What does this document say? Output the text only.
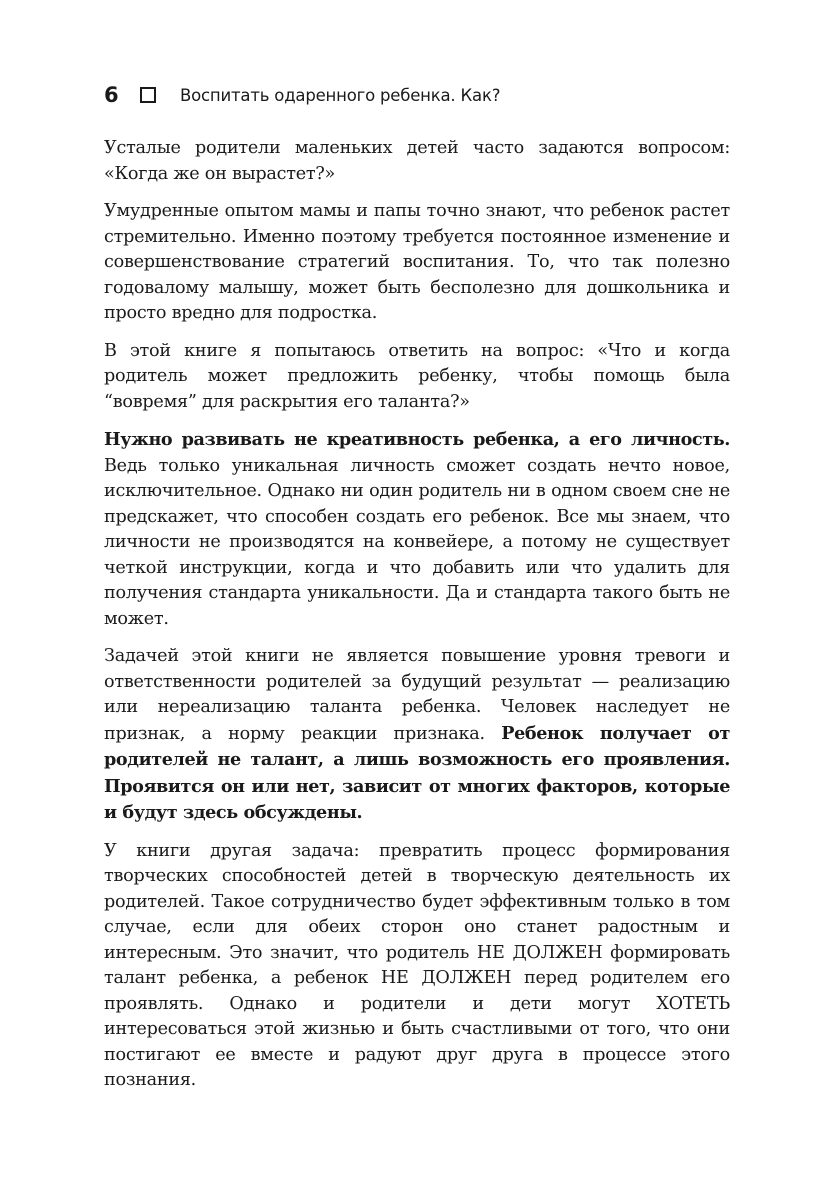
6	Воспитать одаренного ребенка. Как?

Усталые родители маленьких детей часто задаются вопросом: «Когда же он вырастет?»

Умудренные опытом мамы и папы точно знают, что ребенок растет стремительно. Именно поэтому требуется постоянное изменение и совершенствование стратегий воспитания. То, что так полезно годовалому малышу, может быть бесполезно для дошкольника и просто вредно для подростка.

В этой книге я попытаюсь ответить на вопрос: «Что и когда родитель может предложить ребенку, чтобы помощь была “вовремя” для раскрытия его таланта?»

Нужно развивать не креативность ребенка, а его личность. Ведь только уникальная личность сможет создать нечто новое, исключительное. Однако ни один родитель ни в одном своем сне не предскажет, что способен создать его ребенок. Все мы знаем, что личности не производятся на конвейере, а потому не существует четкой инструкции, когда и что добавить или что удалить для получения стандарта уникальности. Да и стандарта такого быть не может.

Задачей этой книги не является повышение уровня тревоги и ответственности родителей за будущий результат — реализацию или нереализацию таланта ребенка. Человек наследует не признак, а норму реакции признака. Ребенок получает от родителей не талант, а лишь возможность его проявления. Проявится он или нет, зависит от многих факторов, которые и будут здесь обсуждены.

У книги другая задача: превратить процесс формирования творческих способностей детей в творческую деятельность их родителей. Такое сотрудничество будет эффективным только в том случае, если для обеих сторон оно станет радостным и интересным. Это значит, что родитель НЕ ДОЛЖЕН формировать талант ребенка, а ребенок НЕ ДОЛЖЕН перед родителем его проявлять. Однако и родители и дети могут ХОТЕТЬ интересоваться этой жизнью и быть счастливыми от того, что они постигают ее вместе и радуют друг друга в процессе этого познания.
